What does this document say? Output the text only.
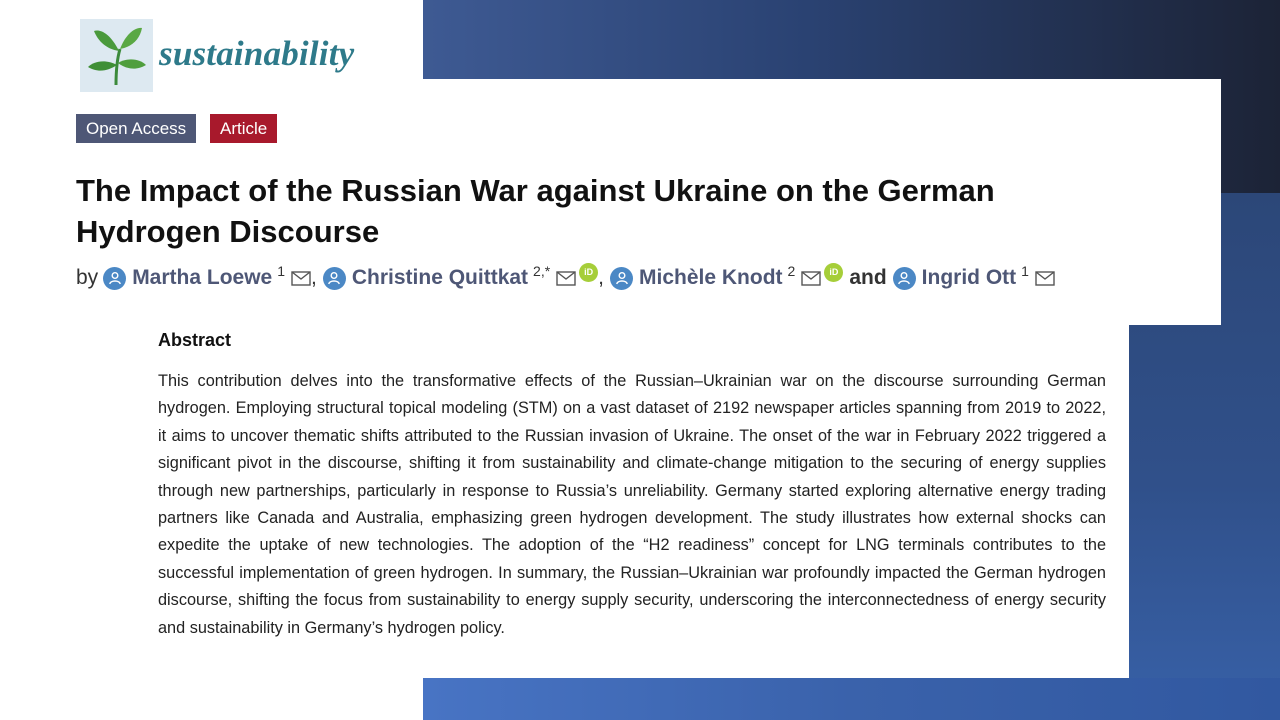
sustainability
Open Access	Article
The Impact of the Russian War against Ukraine on the German Hydrogen Discourse
by Martha Loewe 1 , Christine Quittkat 2,*	iD , Michèle Knodt 2	iD and Ingrid Ott 1
Abstract

This contribution delves into the transformative effects of the Russian–Ukrainian war on the discourse surrounding German hydrogen. Employing structural topical modeling (STM) on a vast dataset of 2192 newspaper articles spanning from 2019 to 2022, it aims to uncover thematic shifts attributed to the Russian invasion of Ukraine. The onset of the war in February 2022 triggered a significant pivot in the discourse, shifting it from sustainability and climate-change mitigation to the securing of energy supplies through new partnerships, particularly in response to Russia’s unreliability. Germany started exploring alternative energy trading partners like Canada and Australia, emphasizing green hydrogen development. The study illustrates how external shocks can expedite the uptake of new technologies. The adoption of the “H2 readiness” concept for LNG terminals contributes to the successful implementation of green hydrogen. In summary, the Russian–Ukrainian war profoundly impacted the German hydrogen discourse, shifting the focus from sustainability to energy supply security, underscoring the interconnectedness of energy security and sustainability in Germany’s hydrogen policy.
